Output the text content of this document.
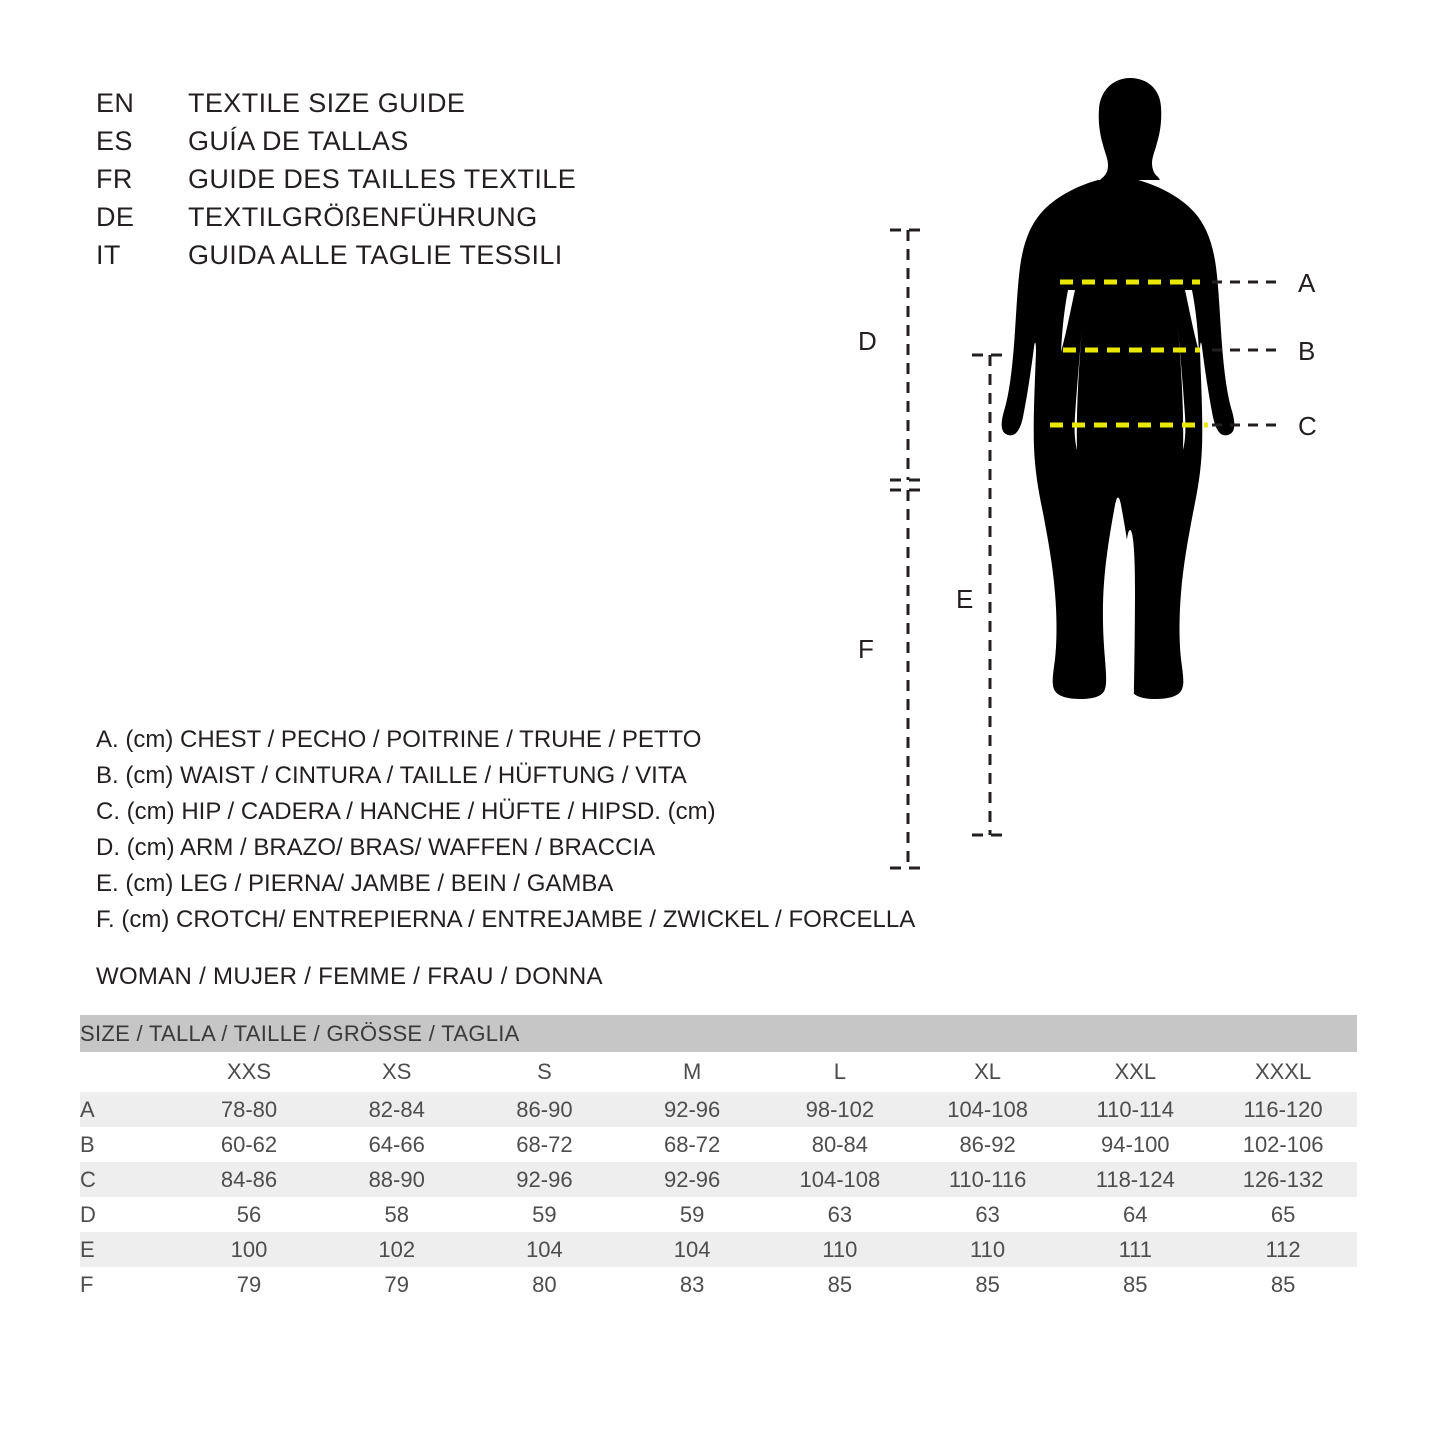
EN	TEXTILE SIZE GUIDE
ES	GUÍA DE TALLAS
FR	GUIDE DES TAILLES TEXTILE
DE	TEXTILGRÖßENFÜHRUNG
IT	GUIDA ALLE TAGLIE TESSILI
A
B
C
D
E
F
A. (cm) CHEST / PECHO / POITRINE / TRUHE / PETTO
B. (cm) WAIST / CINTURA / TAILLE / HÜFTUNG / VITA
C. (cm) HIP / CADERA / HANCHE / HÜFTE / HIPSD. (cm)
D. (cm) ARM / BRAZO/ BRAS/ WAFFEN / BRACCIA
E. (cm) LEG / PIERNA/ JAMBE / BEIN / GAMBA
F. (cm) CROTCH/ ENTREPIERNA / ENTREJAMBE / ZWICKEL / FORCELLA
WOMAN / MUJER / FEMME / FRAU / DONNA
SIZE / TALLA / TAILLE / GRÖSSE / TAGLIA								
	XXS	XS	S	M	L	XL	XXL	XXXL
A	78-80	82-84	86-90	92-96	98-102	104-108	110-114	116-120
B	60-62	64-66	68-72	68-72	80-84	86-92	94-100	102-106
C	84-86	88-90	92-96	92-96	104-108	110-116	118-124	126-132
D	56	58	59	59	63	63	64	65
E	100	102	104	104	110	110	111	112
F	79	79	80	83	85	85	85	85
